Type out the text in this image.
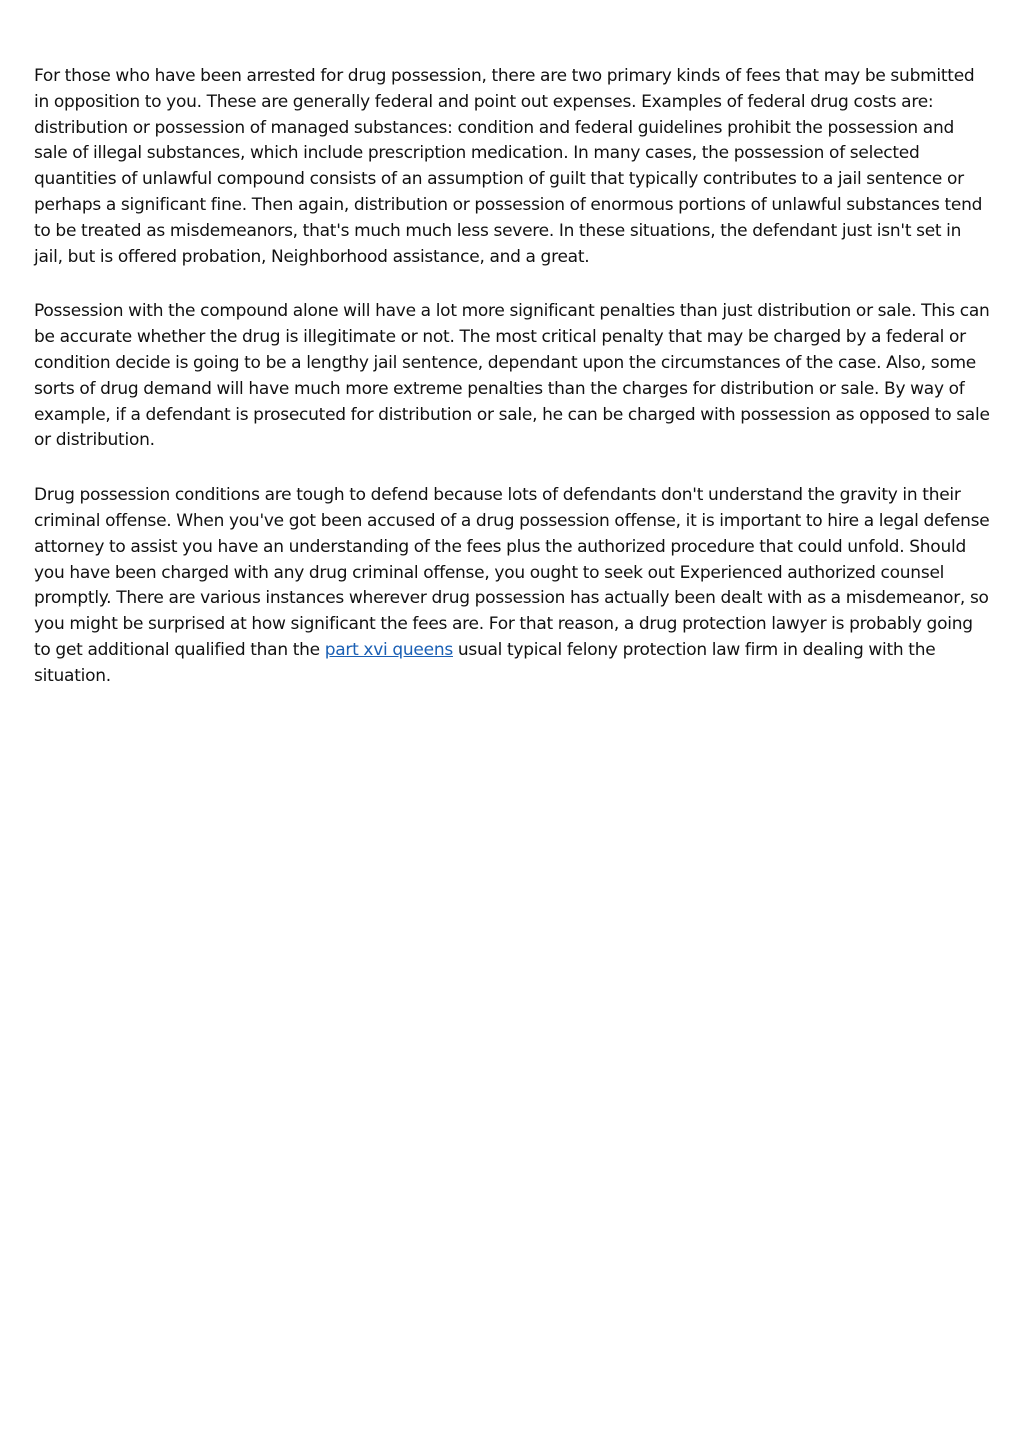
For those who have been arrested for drug possession, there are two primary kinds of fees that may be submitted in opposition to you. These are generally federal and point out expenses. Examples of federal drug costs are: distribution or possession of managed substances: condition and federal guidelines prohibit the possession and sale of illegal substances, which include prescription medication. In many cases, the possession of selected quantities of unlawful compound consists of an assumption of guilt that typically contributes to a jail sentence or perhaps a significant fine. Then again, distribution or possession of enormous portions of unlawful substances tend to be treated as misdemeanors, that's much much less severe. In these situations, the defendant just isn't set in jail, but is offered probation, Neighborhood assistance, and a great.

Possession with the compound alone will have a lot more significant penalties than just distribution or sale. This can be accurate whether the drug is illegitimate or not. The most critical penalty that may be charged by a federal or condition decide is going to be a lengthy jail sentence, dependant upon the circumstances of the case. Also, some sorts of drug demand will have much more extreme penalties than the charges for distribution or sale. By way of example, if a defendant is prosecuted for distribution or sale, he can be charged with possession as opposed to sale or distribution.

Drug possession conditions are tough to defend because lots of defendants don't understand the gravity in their criminal offense. When you've got been accused of a drug possession offense, it is important to hire a legal defense attorney to assist you have an understanding of the fees plus the authorized procedure that could unfold. Should you have been charged with any drug criminal offense, you ought to seek out Experienced authorized counsel promptly. There are various instances wherever drug possession has actually been dealt with as a misdemeanor, so you might be surprised at how significant the fees are. For that reason, a drug protection lawyer is probably going to get additional qualified than the part xvi queens usual typical felony protection law firm in dealing with the situation.
